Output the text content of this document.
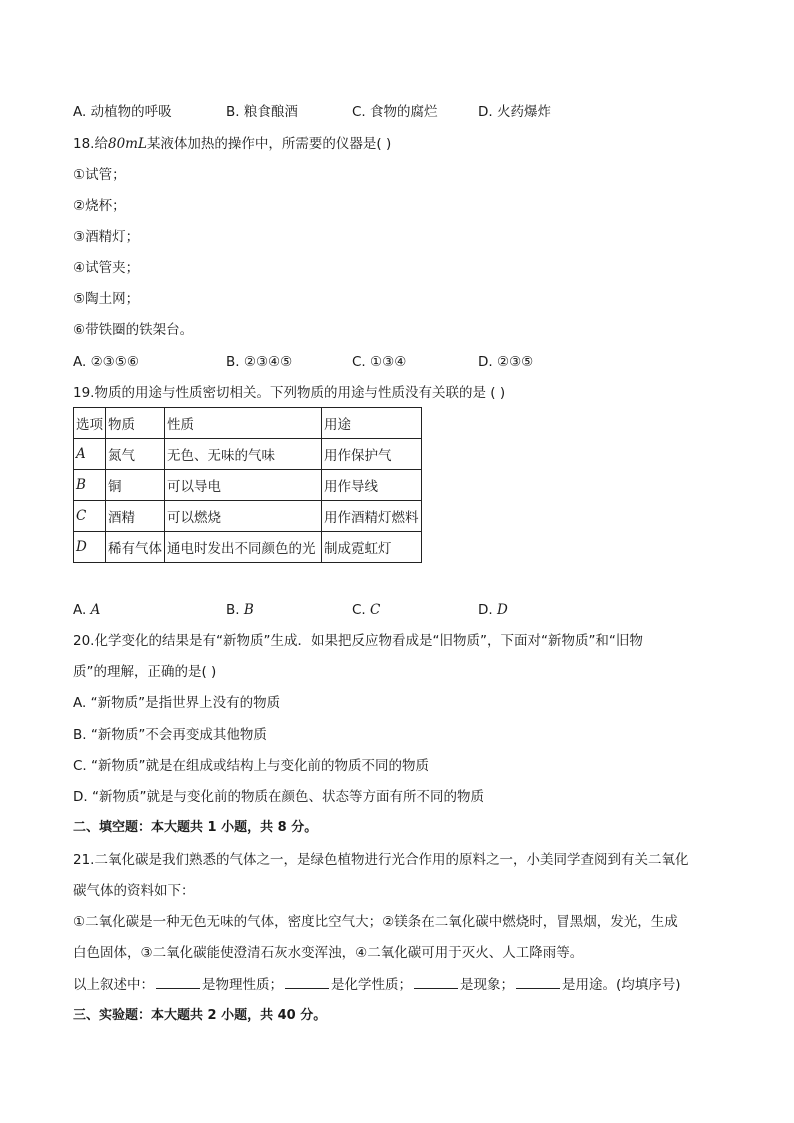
A. 动植物的呼吸	B. 粮食酿酒	C. 食物的腐烂	D. 火药爆炸
18.给80mL某液体加热的操作中，所需要的仪器是( )
①试管；
②烧杯；
③酒精灯；
④试管夹；
⑤陶土网；
⑥带铁圈的铁架台。
A. ②③⑤⑥	B. ②③④⑤	C. ①③④	D. ②③⑤
19.物质的用途与性质密切相关。下列物质的用途与性质没有关联的是 ( )
选项	物质	性质	用途
A	氮气	无色、无味的气味	用作保护气
B	铜	可以导电	用作导线
C	酒精	可以燃烧	用作酒精灯燃料
D	稀有气体	通电时发出不同颜色的光	制成霓虹灯
A. A	B. B	C. C	D. D
20.化学变化的结果是有“新物质”生成．如果把反应物看成是“旧物质”，下面对“新物质”和“旧物
质”的理解，正确的是( )
A. “新物质”是指世界上没有的物质
B. “新物质”不会再变成其他物质
C. “新物质”就是在组成或结构上与变化前的物质不同的物质
D. “新物质”就是与变化前的物质在颜色、状态等方面有所不同的物质
二、填空题：本大题共 1 小题，共 8 分。
21.二氧化碳是我们熟悉的气体之一，是绿色植物进行光合作用的原料之一，小美同学查阅到有关二氧化
碳气体的资料如下：
①二氧化碳是一种无色无味的气体，密度比空气大；②镁条在二氧化碳中燃烧时，冒黑烟，发光，生成
白色固体，③二氧化碳能使澄清石灰水变浑浊，④二氧化碳可用于灭火、人工降雨等。
以上叙述中：	是物理性质；	是化学性质；	是现象；	是用途。(均填序号)
三、实验题：本大题共 2 小题，共 40 分。
